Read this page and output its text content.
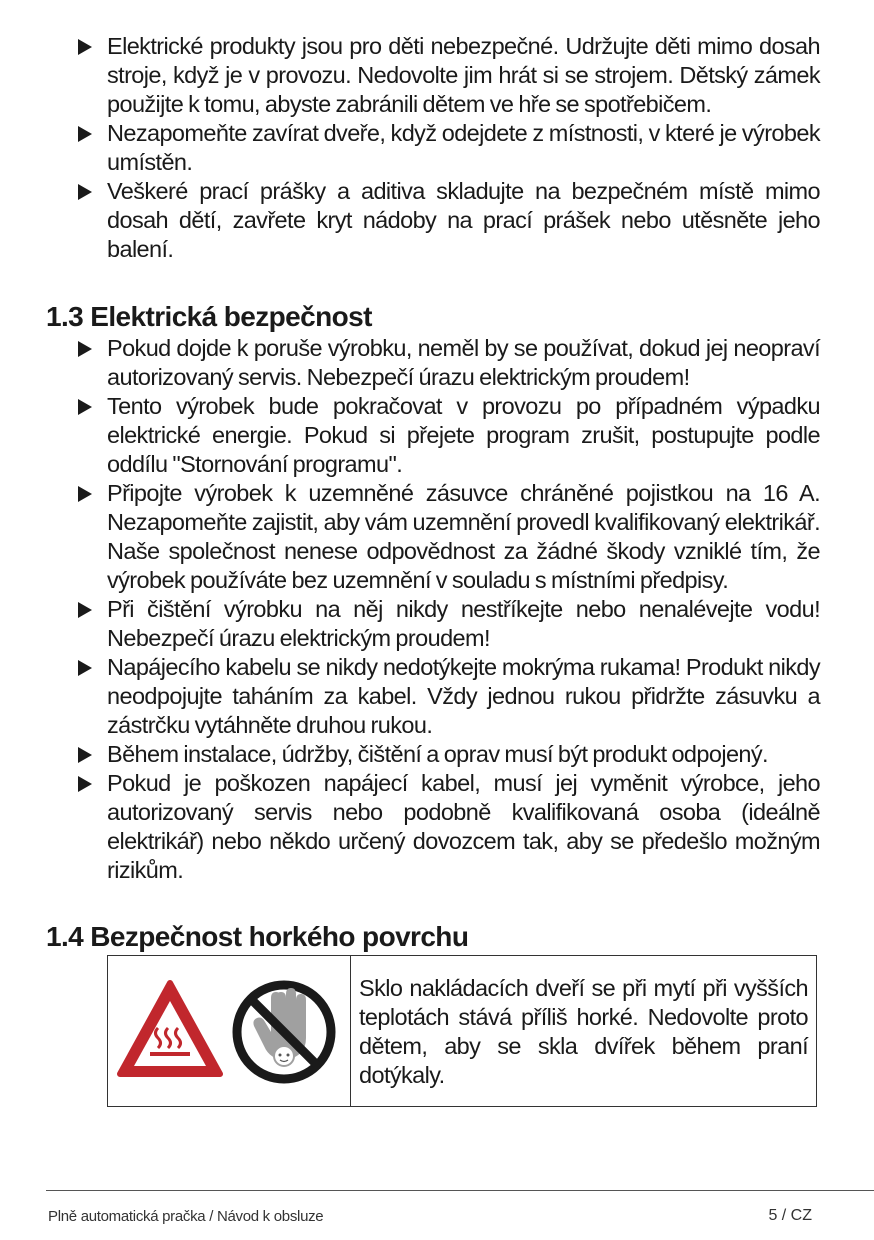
Elektrické produkty jsou pro děti nebezpečné. Udržujte děti mimo dosah stroje, když je v provozu. Nedovolte jim hrát si se strojem. Dětský zámek použijte k tomu, abyste zabránili dětem ve hře se spotřebičem.
Nezapomeňte zavírat dveře, když odejdete z místnosti, v které je výrobek umístěn.
Veškeré prací prášky a aditiva skladujte na bezpečném místě mimo dosah dětí, zavřete kryt nádoby na prací prášek nebo utěsněte jeho balení.
1.3 Elektrická bezpečnost
Pokud dojde k poruše výrobku, neměl by se používat, dokud jej neopraví autorizovaný servis. Nebezpečí úrazu elektrickým proudem!
Tento výrobek bude pokračovat v provozu po případném výpadku elektrické energie. Pokud si přejete program zrušit, postupujte podle oddílu "Stornování programu".
Připojte výrobek k uzemněné zásuvce chráněné pojistkou na 16 A. Nezapomeňte zajistit, aby vám uzemnění provedl kvalifikovaný elektrikář. Naše společnost nenese odpovědnost za žádné škody vzniklé tím, že výrobek používáte bez uzemnění v souladu s místními předpisy.
Při čištění výrobku na něj nikdy nestříkejte nebo nenalévejte vodu! Nebezpečí úrazu elektrickým proudem!
Napájecího kabelu se nikdy nedotýkejte mokrýma rukama! Produkt nikdy neodpojujte taháním za kabel. Vždy jednou rukou přidržte zásuvku a zástrčku vytáhněte druhou rukou.
Během instalace, údržby, čištění a oprav musí být produkt odpojený.
Pokud je poškozen napájecí kabel, musí jej vyměnit výrobce, jeho autorizovaný servis nebo podobně kvalifikovaná osoba (ideálně elektrikář) nebo někdo určený dovozcem tak, aby se předešlo možným rizikům.
1.4 Bezpečnost horkého povrchu
Sklo nakládacích dveří se při mytí při vyšších teplotách stává příliš horké. Nedovolte proto dětem, aby se skla dvířek během praní dotýkaly.
Plně automatická pračka / Návod k obsluze	5 / CZ
